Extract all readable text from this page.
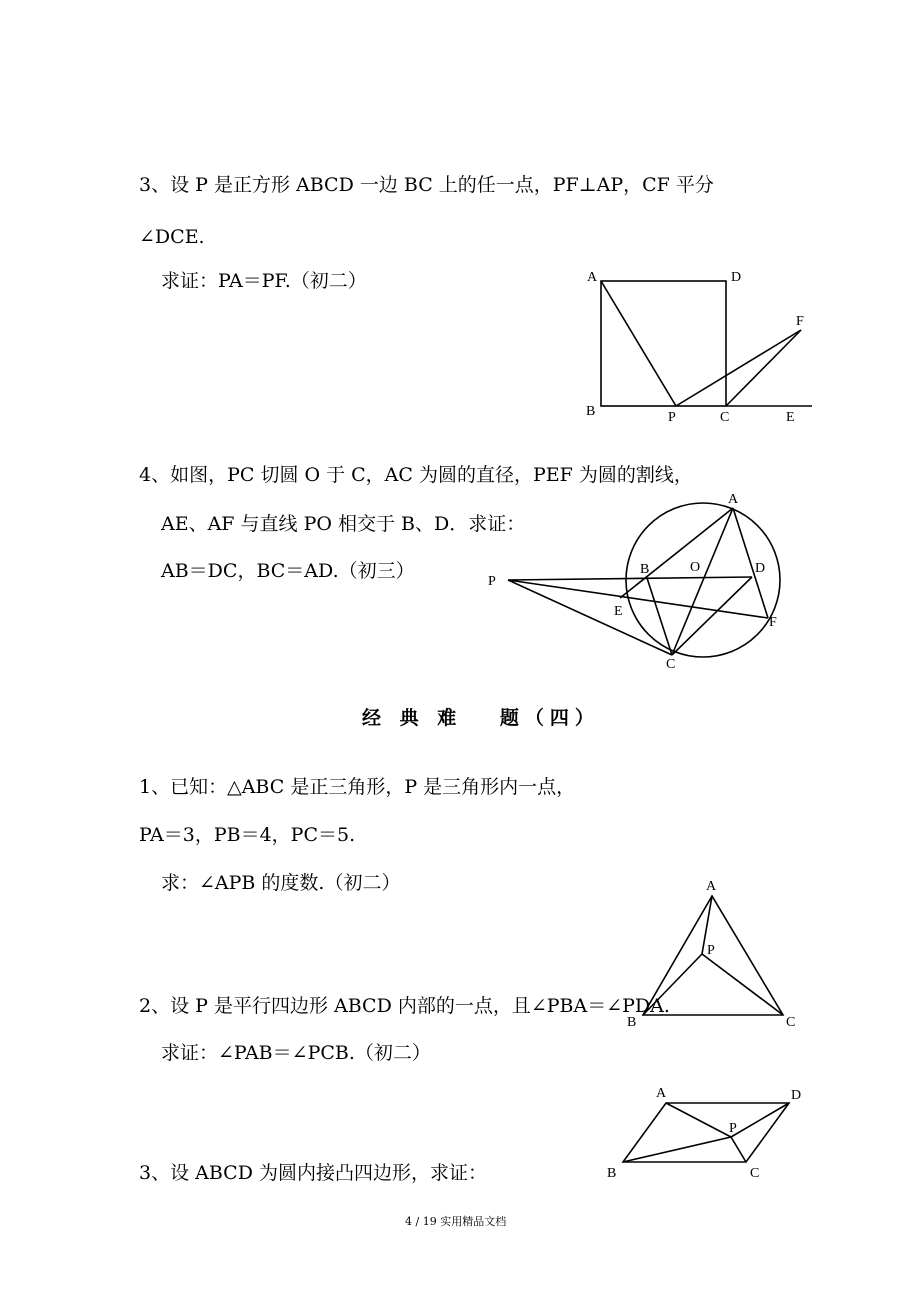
3、设 P 是正方形 ABCD 一边 BC 上的任一点，PF⊥AP，CF 平分
∠DCE.
求证：PA＝PF.（初二）	A	D
F
B	P	C	E
4、如图，PC 切圆 O 于 C，AC 为圆的直径，PEF 为圆的割线，
AE、AF 与直线 PO 相交于 B、D．求证：
AB＝DC，BC＝AD.（初三）
A
B	O	D
P
E
F
C
经 典 难　 题（四）
1、已知：△ABC 是正三角形，P 是三角形内一点，
PA＝3，PB＝4，PC＝5.
求：∠APB 的度数.（初二）	A
P
B	C
2、设 P 是平行四边形 ABCD 内部的一点，且∠PBA＝∠PDA.
求证：∠PAB＝∠PCB.（初二）
A	D
P
B	C
3、设 ABCD 为圆内接凸四边形，求证：
4 / 19 实用精品文档
